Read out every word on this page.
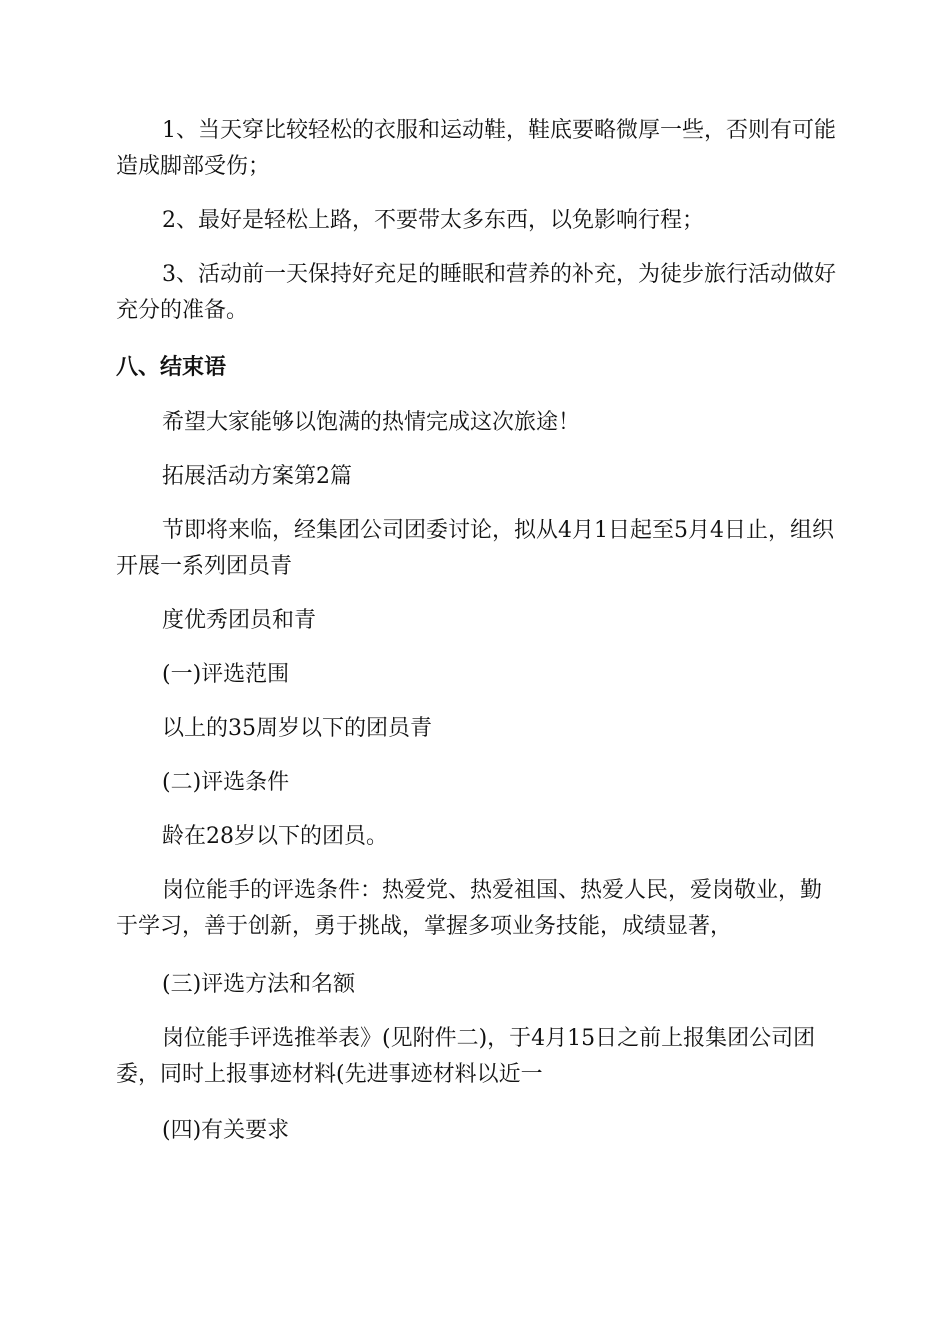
1、当天穿比较轻松的衣服和运动鞋，鞋底要略微厚一些，否则有可能造成脚部受伤；

2、最好是轻松上路，不要带太多东西，以免影响行程；

3、活动前一天保持好充足的睡眠和营养的补充，为徒步旅行活动做好充分的准备。

八、结束语

希望大家能够以饱满的热情完成这次旅途！

拓展活动方案第2篇

节即将来临，经集团公司团委讨论，拟从4月1日起至5月4日止，组织开展一系列团员青

度优秀团员和青

(一)评选范围

以上的35周岁以下的团员青

(二)评选条件

龄在28岁以下的团员。

岗位能手的评选条件：热爱党、热爱祖国、热爱人民，爱岗敬业，勤于学习，善于创新，勇于挑战，掌握多项业务技能，成绩显著，

(三)评选方法和名额

岗位能手评选推举表》(见附件二)，于4月15日之前上报集团公司团委，同时上报事迹材料(先进事迹材料以近一

(四)有关要求
